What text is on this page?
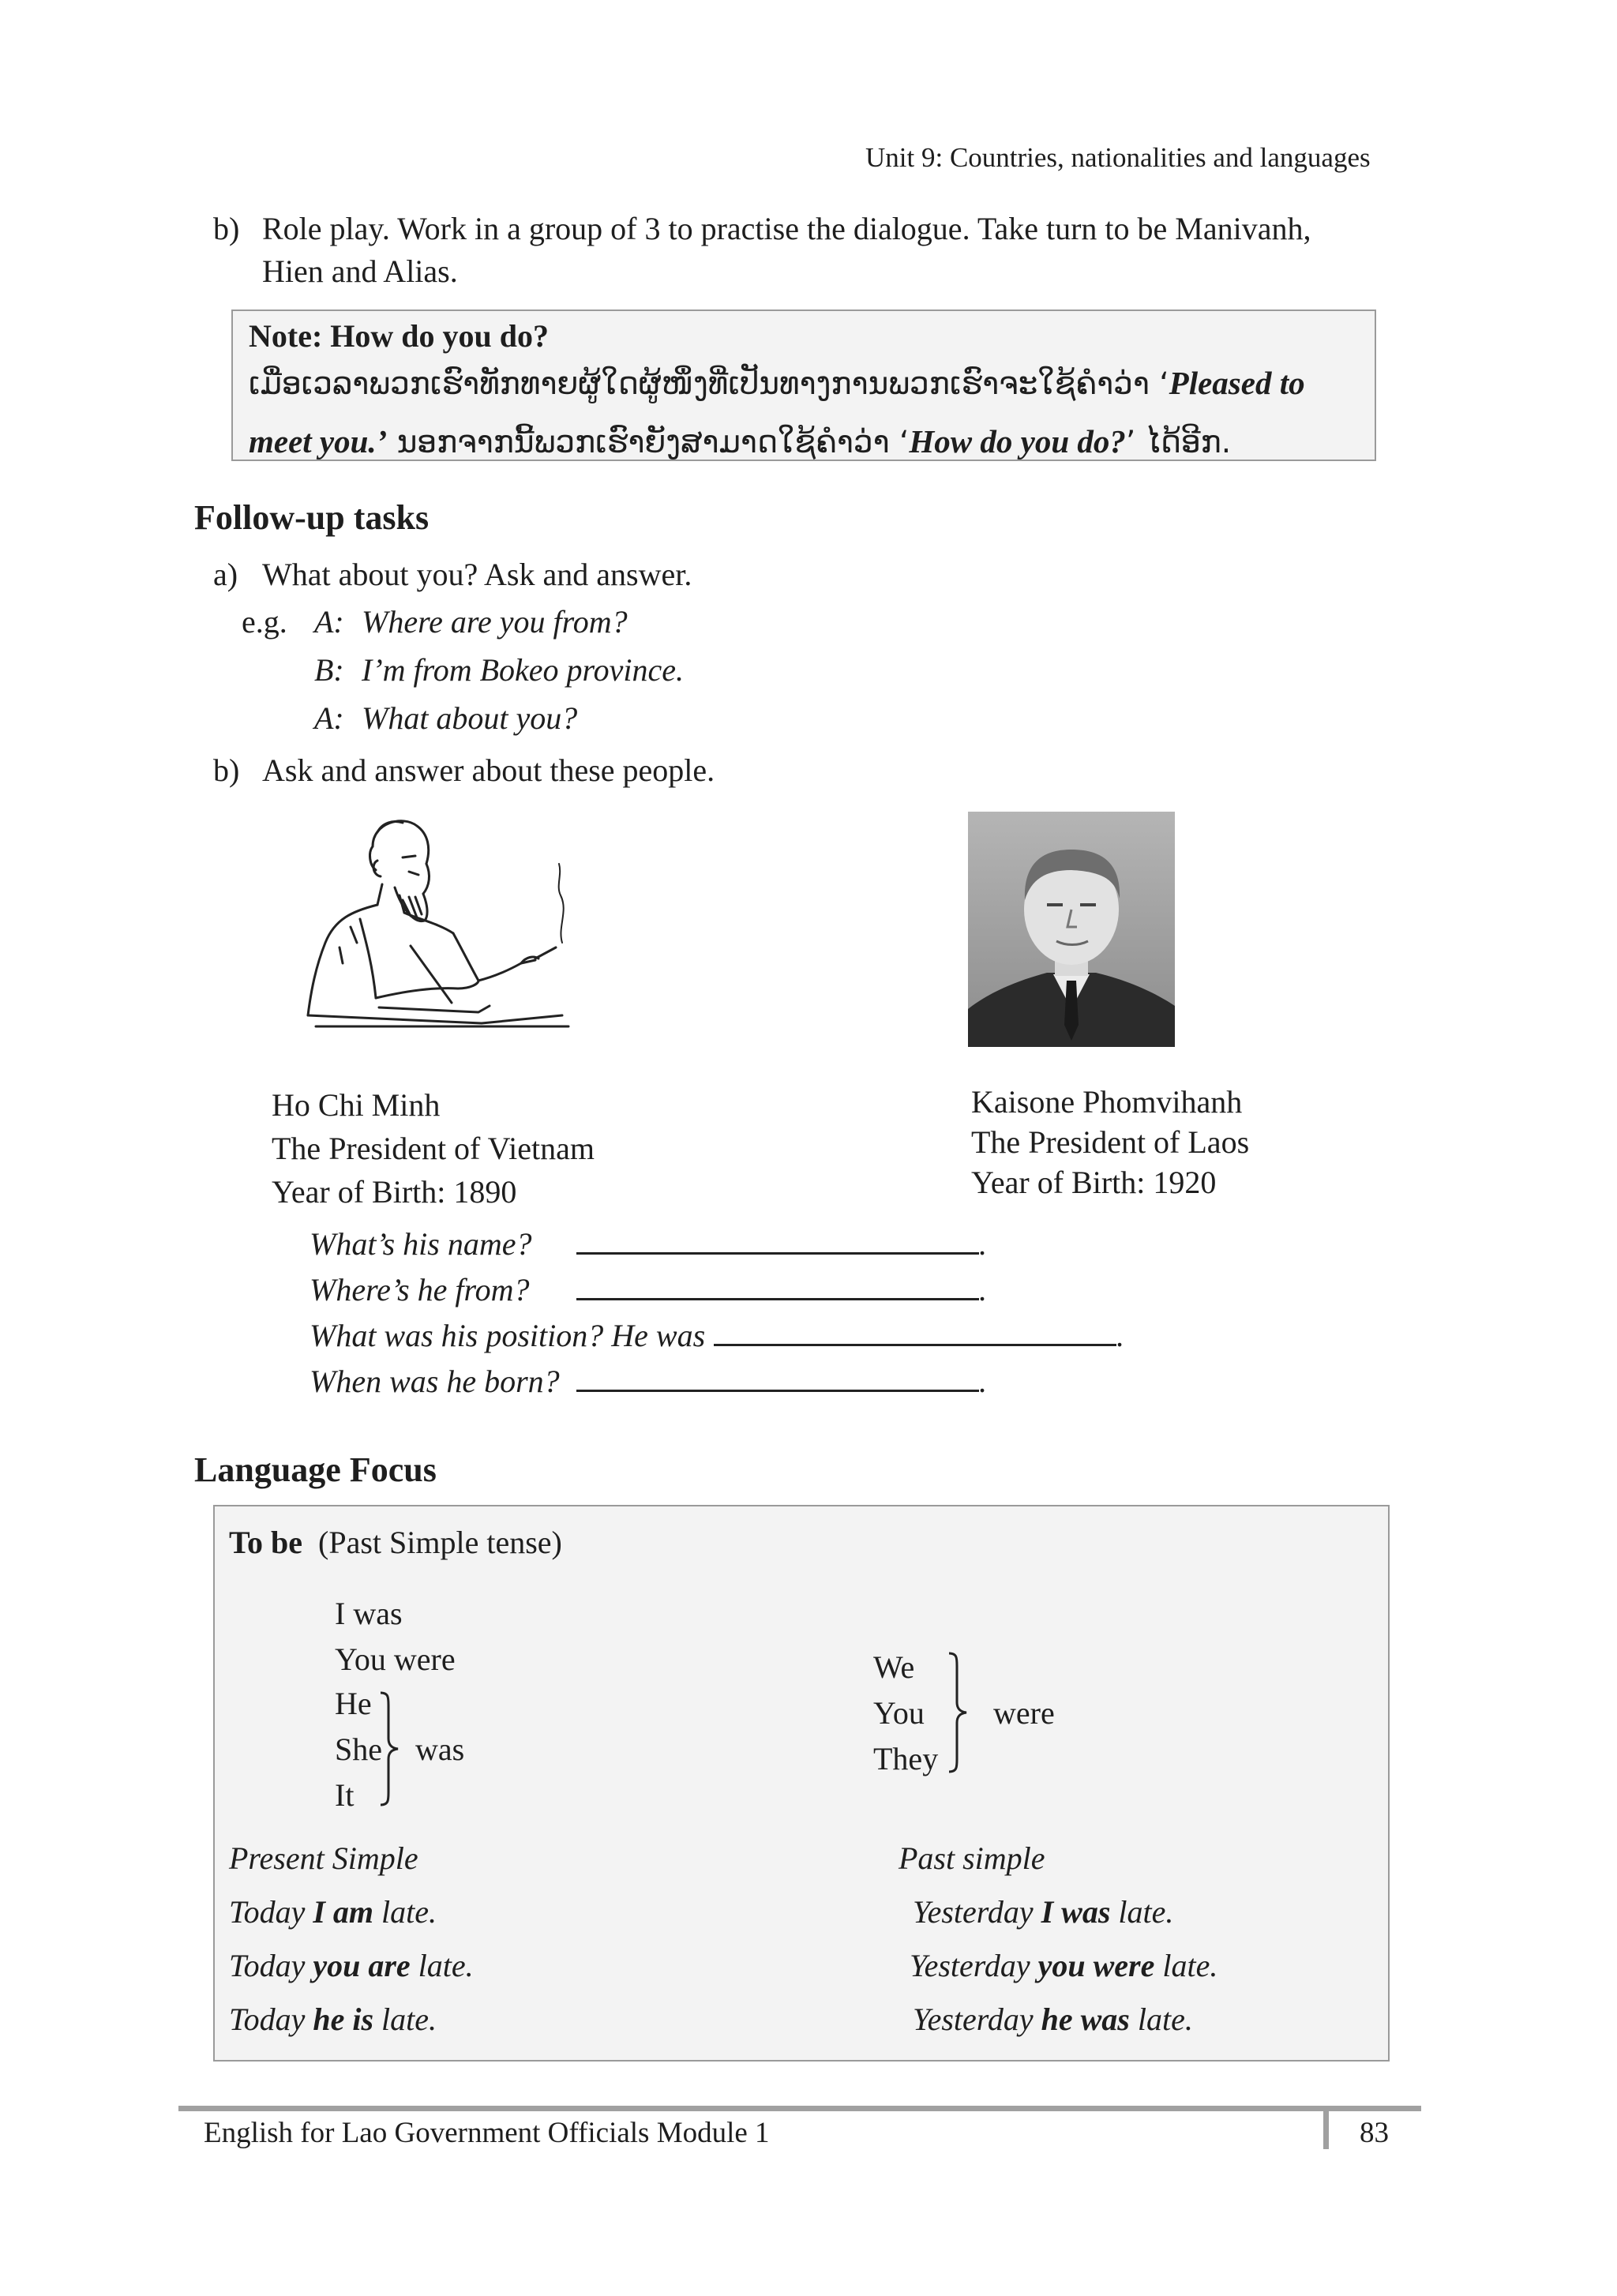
Unit 9: Countries, nationalities and languages
b) Role play. Work in a group of 3 to practise the dialogue. Take turn to be Manivanh,
Hien and Alias.
Note: How do you do?
ເມື່ອເວລາພວກເຮົາທັກທາຍຜູ້ໃດຜູ້ໜຶ່ງທີ່ເປັນທາງການພວກເຮົາຈະໃຊ້ຄຳວ່າ ‘Pleased to
meet you.’ ນອກຈາກນີ້ພວກເຮົາຍັງສາມາດໃຊ້ຄຳວ່າ ‘How do you do?’ ໄດ້ອີກ.
Follow-up tasks
a) What about you? Ask and answer.
e.g. A: Where are you from?
B: I’m from Bokeo province.
A: What about you?
b) Ask and answer about these people.
Ho Chi Minh
The President of Vietnam
Year of Birth: 1890
Kaisone Phomvihanh
The President of Laos
Year of Birth: 1920
What’s his name?	.
Where’s he from?	.
What was his position? He was	.
When was he born?	.
Language Focus
To be (Past Simple tense)
I was
You were
He
She
It
was
We
You
They
were
Present Simple	Past simple
Today I am late.	Yesterday I was late.
Today you are late.	Yesterday you were late.
Today he is late.	Yesterday he was late.
English for Lao Government Officials Module 1	83
